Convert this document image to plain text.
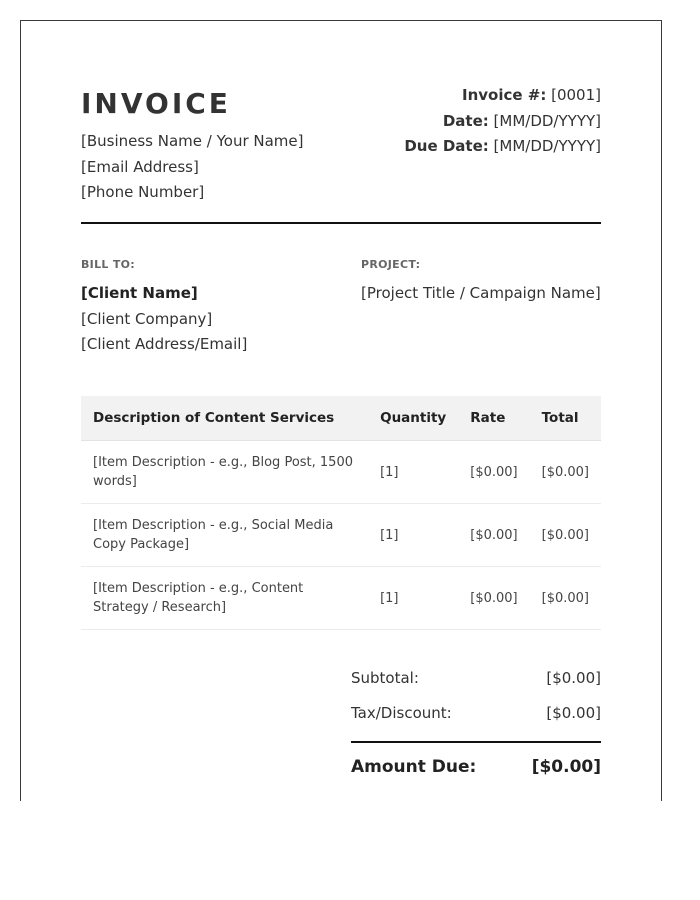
INVOICE
[Business Name / Your Name]
[Email Address]
[Phone Number]
Invoice #: [0001]
Date: [MM/DD/YYYY]
Due Date: [MM/DD/YYYY]
BILL TO:	PROJECT:
[Client Name]
[Client Company]
[Client Address/Email]
[Project Title / Campaign Name]
Description of Content Services	Quantity	Rate	Total
[Item Description - e.g., Blog Post, 1500 words]	[1]	[$0.00]	[$0.00]
[Item Description - e.g., Social Media Copy Package]	[1]	[$0.00]	[$0.00]
[Item Description - e.g., Content Strategy / Research]	[1]	[$0.00]	[$0.00]
Subtotal:	[$0.00]
Tax/Discount:	[$0.00]
Amount Due:	[$0.00]
